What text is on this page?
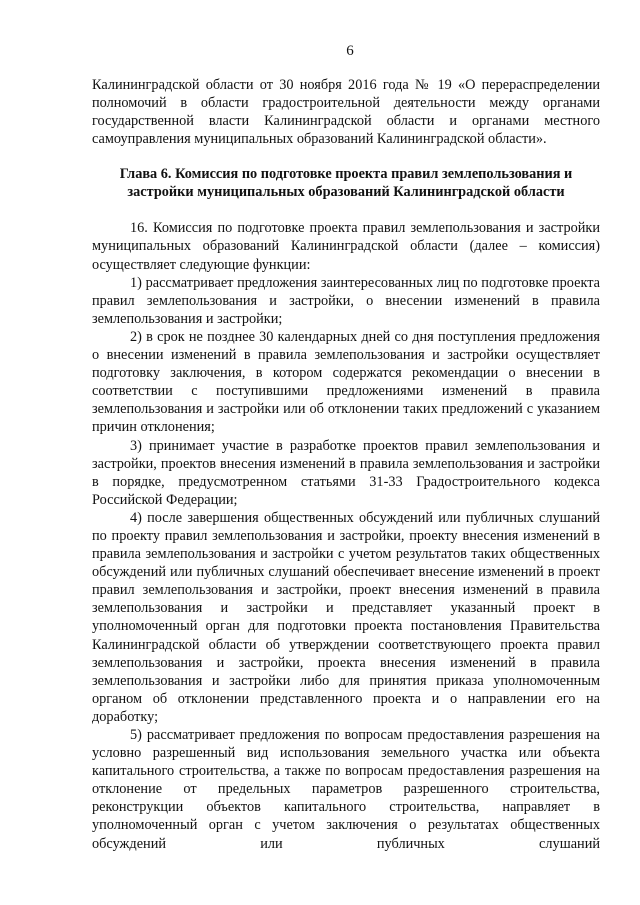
6

Калининградской области от 30 ноября 2016 года № 19 «О перераспределении полномочий в области градостроительной деятельности между органами государственной власти Калининградской области и органами местного самоуправления муниципальных образований Калининградской области».

Глава 6. Комиссия по подготовке проекта правил землепользования и застройки муниципальных образований Калининградской области

16. Комиссия по подготовке проекта правил землепользования и застройки муниципальных образований Калининградской области (далее – комиссия) осуществляет следующие функции:

1) рассматривает предложения заинтересованных лиц по подготовке проекта правил землепользования и застройки, о внесении изменений в правила землепользования и застройки;

2) в срок не позднее 30 календарных дней со дня поступления предложения о внесении изменений в правила землепользования и застройки осуществляет подготовку заключения, в котором содержатся рекомендации о внесении в соответствии с поступившими предложениями изменений в правила землепользования и застройки или об отклонении таких предложений с указанием причин отклонения;

3) принимает участие в разработке проектов правил землепользования и застройки, проектов внесения изменений в правила землепользования и застройки в порядке, предусмотренном статьями 31-33 Градостроительного кодекса Российской Федерации;

4) после завершения общественных обсуждений или публичных слушаний по проекту правил землепользования и застройки, проекту внесения изменений в правила землепользования и застройки с учетом результатов таких общественных обсуждений или публичных слушаний обеспечивает внесение изменений в проект правил землепользования и застройки, проект внесения изменений в правила землепользования и застройки и представляет указанный проект в уполномоченный орган для подготовки проекта постановления Правительства Калининградской области об утверждении соответствующего проекта правил землепользования и застройки, проекта внесения изменений в правила землепользования и застройки либо для принятия приказа уполномоченным органом об отклонении представленного проекта и о направлении его на доработку;

5) рассматривает предложения по вопросам предоставления разрешения на условно разрешенный вид использования земельного участка или объекта капитального строительства, а также по вопросам предоставления разрешения на отклонение от предельных параметров разрешенного строительства, реконструкции объектов капитального строительства, направляет в уполномоченный орган с учетом заключения о результатах общественных обсуждений или публичных слушаний
